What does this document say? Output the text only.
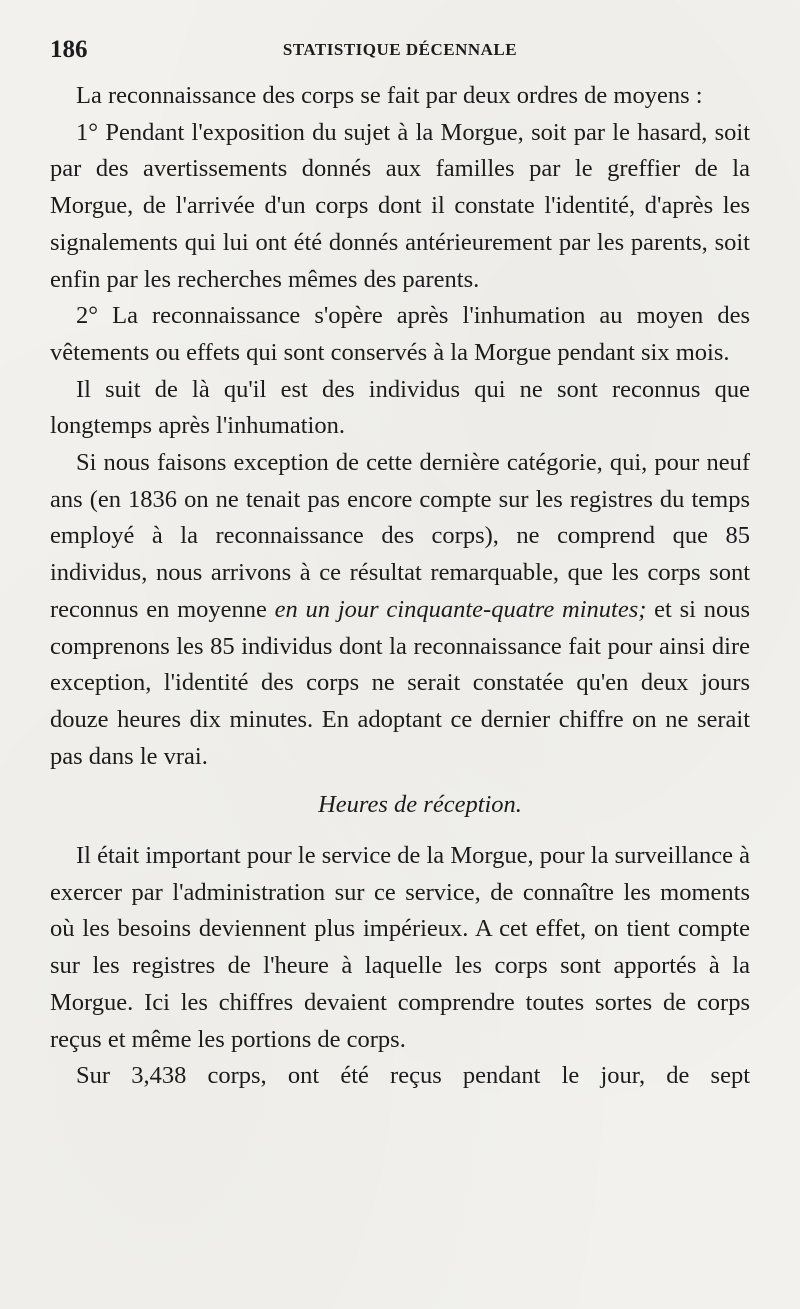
186	STATISTIQUE DÉCENNALE

La reconnaissance des corps se fait par deux ordres de moyens :

1° Pendant l'exposition du sujet à la Morgue, soit par le hasard, soit par des avertissements donnés aux familles par le greffier de la Morgue, de l'arrivée d'un corps dont il constate l'identité, d'après les signalements qui lui ont été donnés antérieurement par les parents, soit enfin par les recherches mêmes des parents.

2° La reconnaissance s'opère après l'inhumation au moyen des vêtements ou effets qui sont conservés à la Morgue pendant six mois.

Il suit de là qu'il est des individus qui ne sont reconnus que longtemps après l'inhumation.

Si nous faisons exception de cette dernière catégorie, qui, pour neuf ans (en 1836 on ne tenait pas encore compte sur les registres du temps employé à la reconnaissance des corps), ne comprend que 85 individus, nous arrivons à ce résultat remarquable, que les corps sont reconnus en moyenne en un jour cinquante-quatre minutes; et si nous comprenons les 85 individus dont la reconnaissance fait pour ainsi dire exception, l'identité des corps ne serait constatée qu'en deux jours douze heures dix minutes. En adoptant ce dernier chiffre on ne serait pas dans le vrai.

Heures de réception.

Il était important pour le service de la Morgue, pour la surveillance à exercer par l'administration sur ce service, de connaître les moments où les besoins deviennent plus impérieux. A cet effet, on tient compte sur les registres de l'heure à laquelle les corps sont apportés à la Morgue. Ici les chiffres devaient comprendre toutes sortes de corps reçus et même les portions de corps.

Sur 3,438 corps, ont été reçus pendant le jour, de sept
